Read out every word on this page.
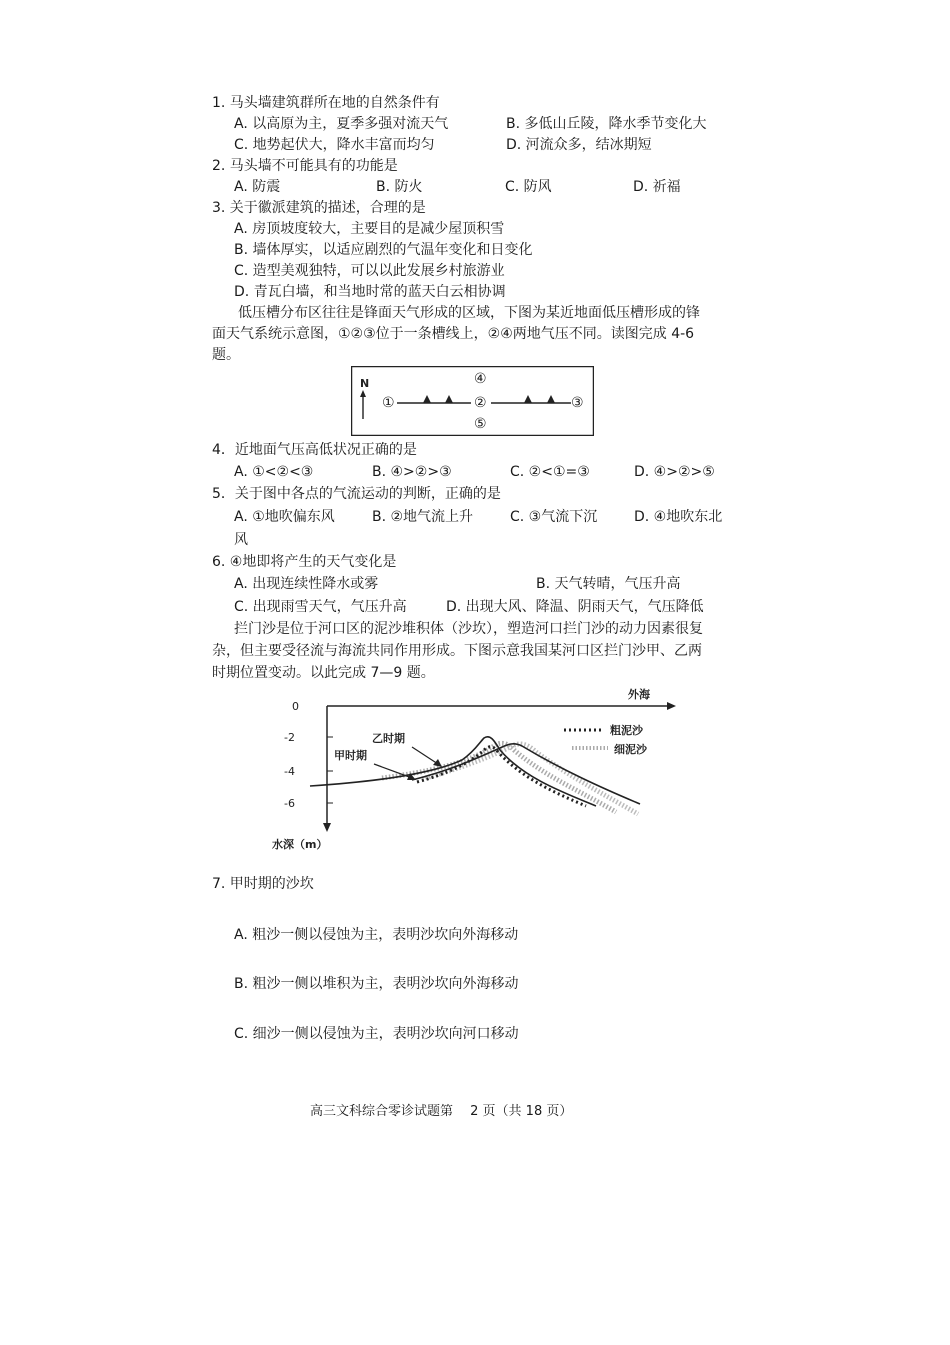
1. 马头墙建筑群所在地的自然条件有
A. 以高原为主，夏季多强对流天气	B. 多低山丘陵，降水季节变化大
C. 地势起伏大，降水丰富而均匀	D. 河流众多，结冰期短
2. 马头墙不可能具有的功能是
A. 防震	B. 防火	C. 防风	D. 祈福
3. 关于徽派建筑的描述，合理的是
A. 房顶坡度较大，主要目的是减少屋顶积雪
B. 墙体厚实，以适应剧烈的气温年变化和日变化
C. 造型美观独特，可以以此发展乡村旅游业
D. 青瓦白墙，和当地时常的蓝天白云相协调
低压槽分布区往往是锋面天气形成的区域，下图为某近地面低压槽形成的锋
面天气系统示意图，①②③位于一条槽线上，②④两地气压不同。读图完成 4-6
题。
N
①	②
④
⑤
③
4．近地面气压高低状况正确的是
A. ①<②<③	B. ④>②>③	C. ②<①=③	D. ④>②>⑤
5．关于图中各点的气流运动的判断，正确的是
A. ①地吹偏东风	B. ②地气流上升	C. ③气流下沉	D. ④地吹东北
风
6. ④地即将产生的天气变化是
A. 出现连续性降水或雾	B. 天气转晴，气压升高
C. 出现雨雪天气，气压升高	D. 出现大风、降温、阴雨天气，气压降低
拦门沙是位于河口区的泥沙堆积体（沙坎），塑造河口拦门沙的动力因素很复
杂，但主要受径流与海流共同作用形成。下图示意我国某河口区拦门沙甲、乙两
时期位置变动。以此完成 7—9 题。
外海
水深（m）
0
-2
-4
-6
乙时期
甲时期
粗泥沙
细泥沙
7. 甲时期的沙坎
A. 粗沙一侧以侵蚀为主，表明沙坎向外海移动
B. 粗沙一侧以堆积为主，表明沙坎向外海移动
C. 细沙一侧以侵蚀为主，表明沙坎向河口移动
高三文科综合零诊试题第　 2 页（共 18 页）
